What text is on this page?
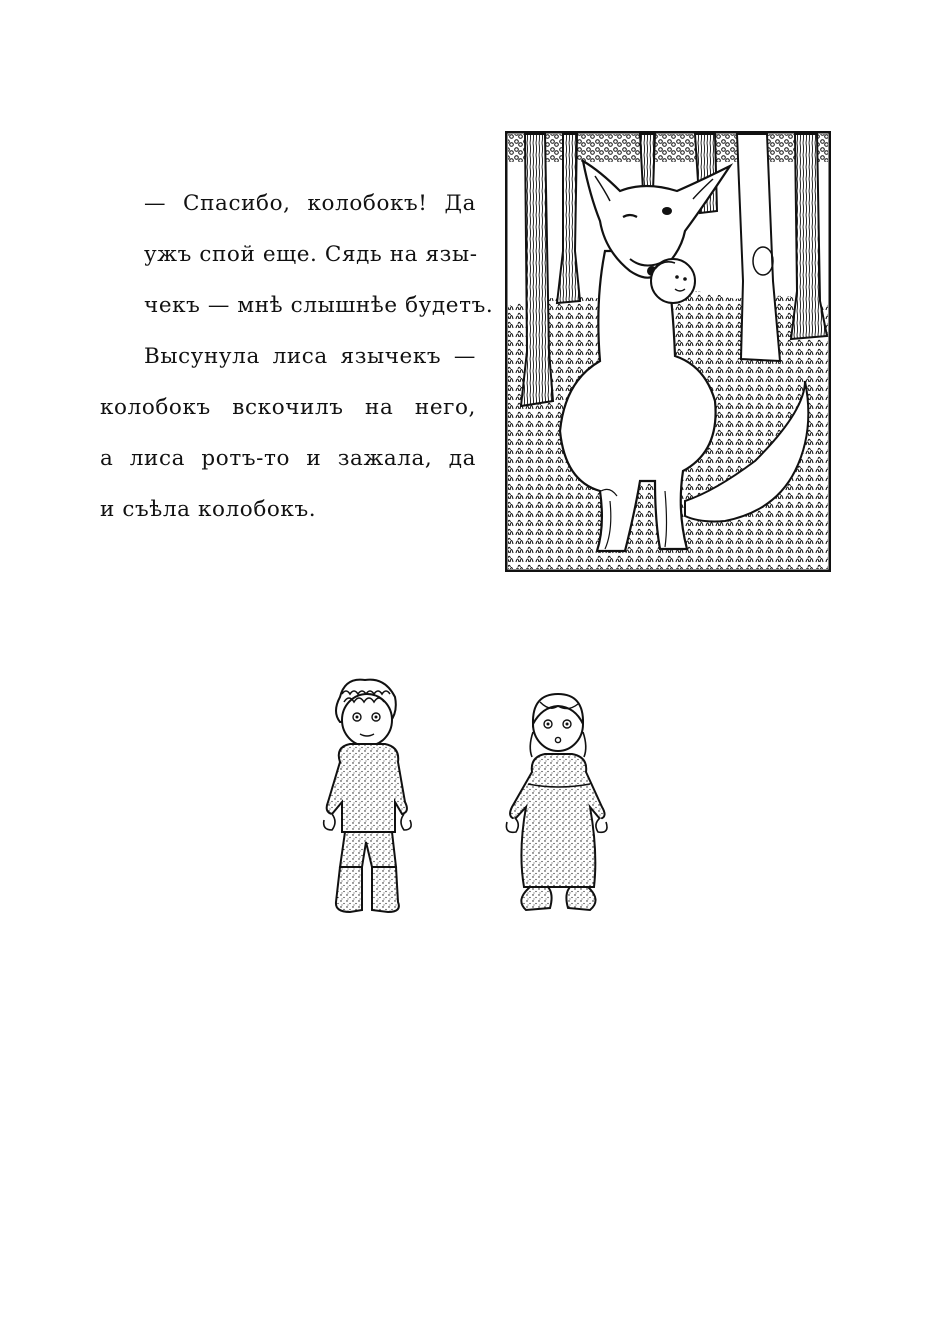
— Спасибо, колобокъ! Да
ужъ спой еще. Сядь на язы-
чекъ — мнѣ слышнѣе будетъ.

Высунула лиса язычекъ —
колобокъ вскочилъ на него,
а лиса ротъ-то и зажала, да
и съѣла колобокъ.
